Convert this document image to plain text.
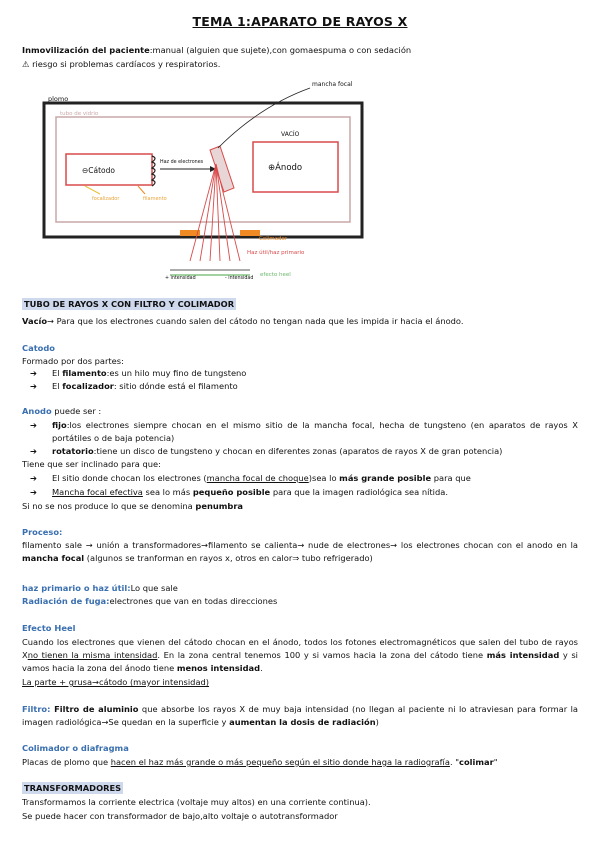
TEMA 1:APARATO DE RAYOS X
Inmovilización del paciente:manual (alguien que sujete),con gomaespuma o con sedación
⚠ riesgo si problemas cardíacos y respiratorios.
plomo
tubo de vidrio
mancha focal
VACÍO
⊖Cátodo	⊕Ánodo
Haz de electrones
focalizador	filamento
Colimador
Haz útil/haz primario
+ intensidad	- intensidad
efecto heel
TUBO DE RAYOS X CON FILTRO Y COLIMADOR
Vacío→ Para que los electrones cuando salen del cátodo no tengan nada que les impida ir hacia el ánodo.
Catodo
Formado por dos partes:
➔ El filamento:es un hilo muy fino de tungsteno
➔ El focalizador: sitio dónde está el filamento
Anodo puede ser :
➔ fijo:los electrones siempre chocan en el mismo sitio de la mancha focal, hecha de tungsteno (en aparatos de rayos X portátiles o de baja potencia)
➔ rotatorio:tiene un disco de tungsteno y chocan en diferentes zonas (aparatos de rayos X de gran potencia)
Tiene que ser inclinado para que:
➔ El sitio donde chocan los electrones (mancha focal de choque)sea lo más grande posible para que
➔ Mancha focal efectiva sea lo más pequeño posible para que la imagen radiológica sea nítida.
Si no se nos produce lo que se denomina penumbra
Proceso:
filamento sale → unión a transformadores→filamento se calienta→ nude de electrones→ los electrones chocan con el anodo en la mancha focal (algunos se tranforman en rayos x, otros en calor⇒ tubo refrigerado)
haz primario o haz útil:Lo que sale
Radiación de fuga:electrones que van en todas direcciones
Efecto Heel
Cuando los electrones que vienen del cátodo chocan en el ánodo, todos los fotones electromagnéticos que salen del tubo de rayos Xno tienen la misma intensidad. En la zona central tenemos 100 y si vamos hacia la zona del cátodo tiene más intensidad y si vamos hacia la zona del ánodo tiene menos intensidad.
La parte + grusa→cátodo (mayor intensidad)
Filtro: Filtro de aluminio que absorbe los rayos X de muy baja intensidad (no llegan al paciente ni lo atraviesan para formar la imagen radiológica→Se quedan en la superficie y aumentan la dosis de radiación)
Colimador o diafragma
Placas de plomo que hacen el haz más grande o más pequeño según el sitio donde haga la radiografía. "colimar"
TRANSFORMADORES
Transformamos la corriente electrica (voltaje muy altos) en una corriente continua).
Se puede hacer con transformador de bajo,alto voltaje o autotransformador
